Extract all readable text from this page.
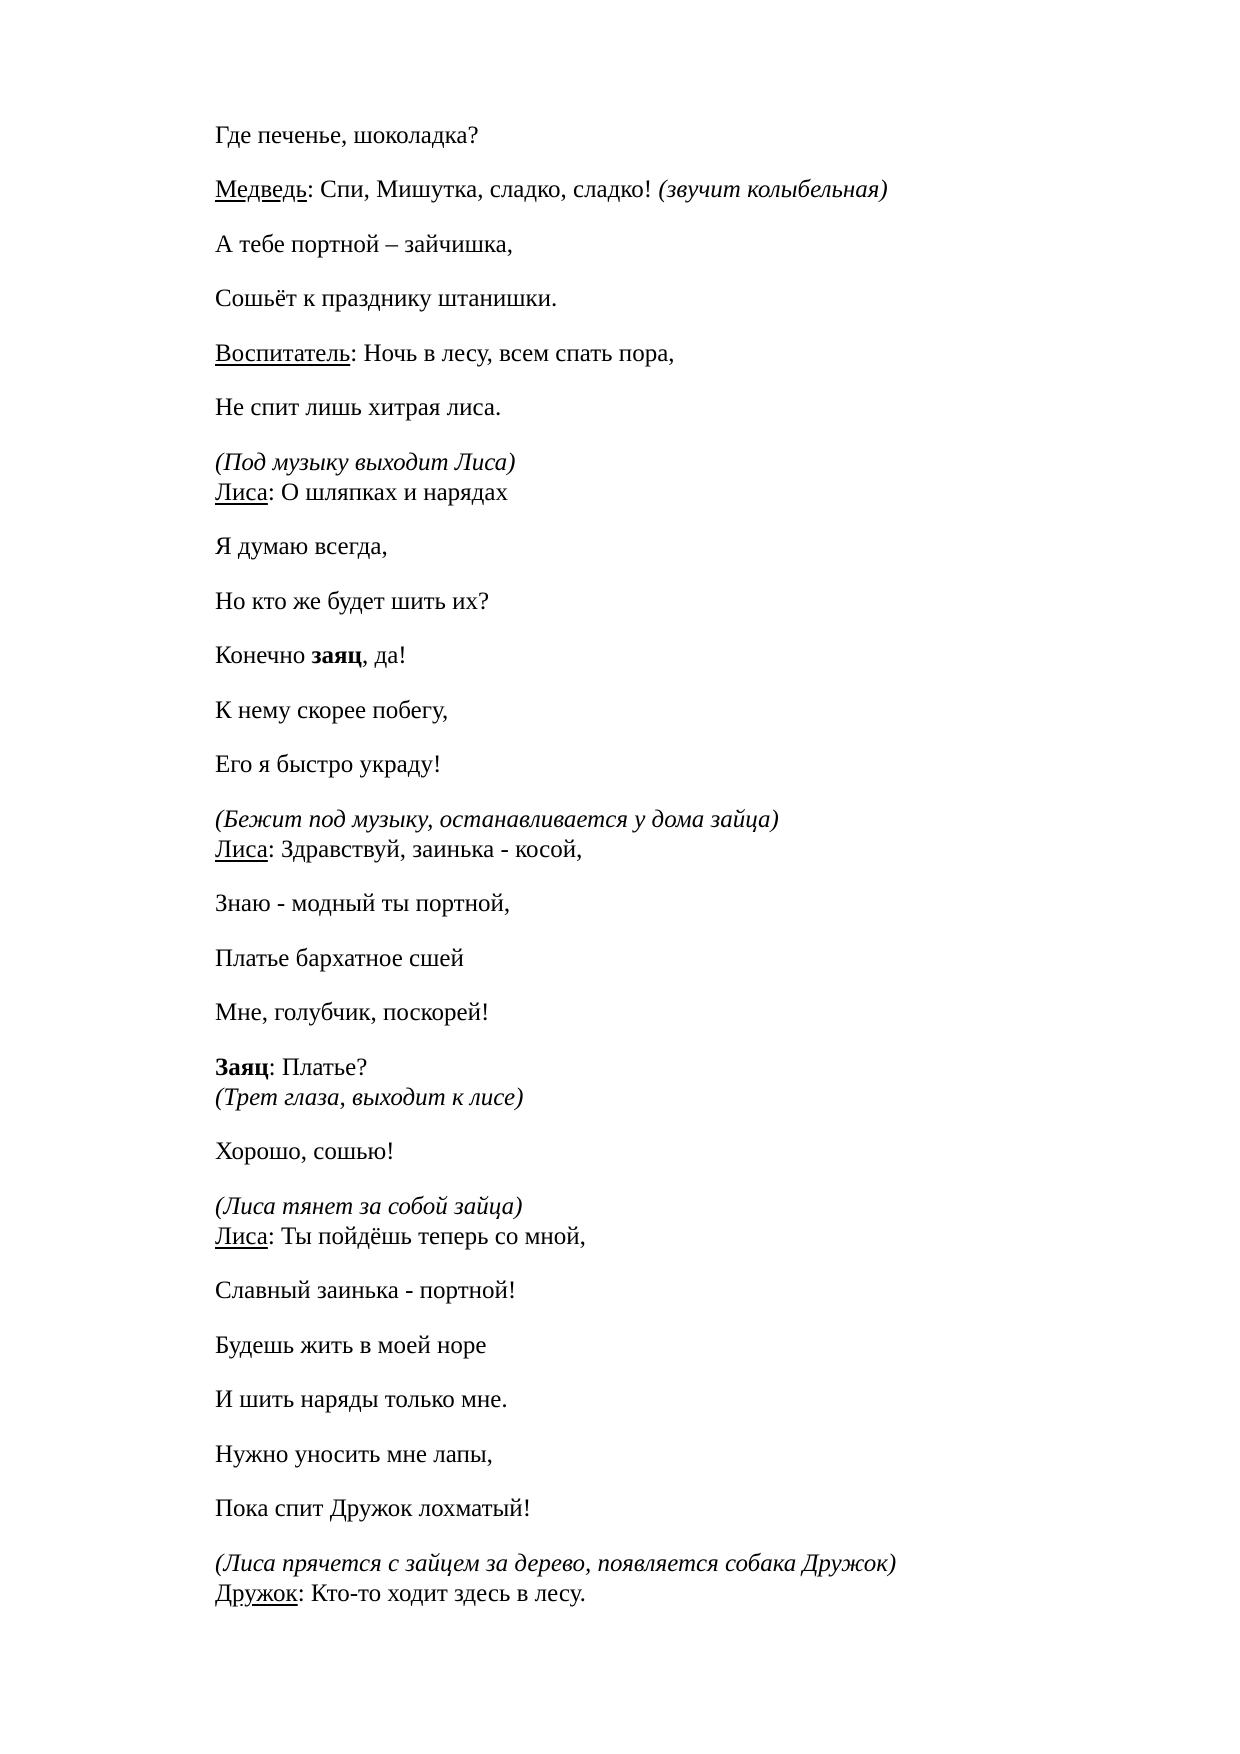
Где печенье, шоколадка?

Медведь: Спи, Мишутка, сладко, сладко! (звучит колыбельная)

А тебе портной – зайчишка,

Сошьёт к празднику штанишки.

Воспитатель: Ночь в лесу, всем спать пора,

Не спит лишь хитрая лиса.

(Под музыку выходит Лиса)

Лиса: О шляпках и нарядах

Я думаю всегда,

Но кто же будет шить их?

Конечно заяц, да!

К нему скорее побегу,

Его я быстро украду!

(Бежит под музыку, останавливается у дома зайца)

Лиса: Здравствуй, заинька - косой,

Знаю - модный ты портной,

Платье бархатное сшей

Мне, голубчик, поскорей!

Заяц: Платье?

(Трет глаза, выходит к лисе)

Хорошо, сошью!

(Лиса тянет за собой зайца)

Лиса: Ты пойдёшь теперь со мной,

Славный заинька - портной!

Будешь жить в моей норе

И шить наряды только мне.

Нужно уносить мне лапы,

Пока спит Дружок лохматый!

(Лиса прячется с зайцем за дерево, появляется собака Дружок)

Дружок: Кто-то ходит здесь в лесу.
